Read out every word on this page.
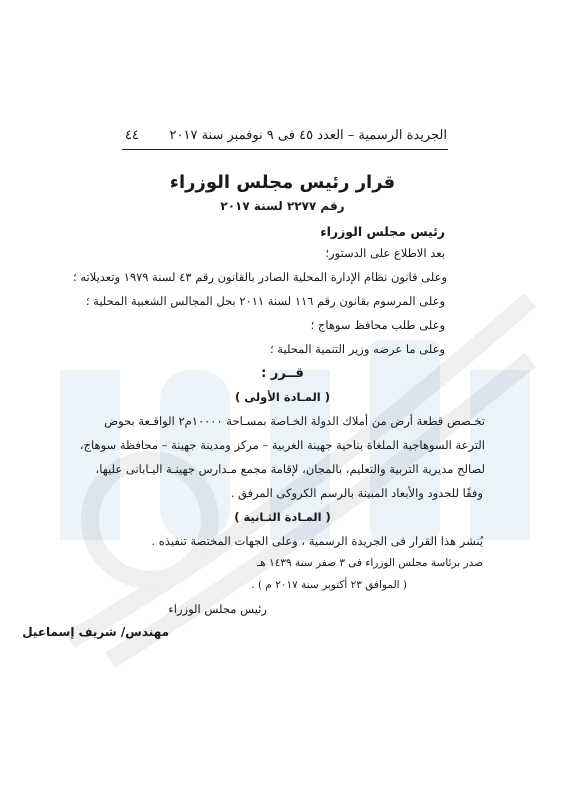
٤٤ الجريدة الرسمية – العدد ٤٥ فى ٩ نوفمبر سنة ٢٠١٧
قرار رئيس مجلس الوزراء
رقم ٢٢٧٧ لسنة ٢٠١٧
رئيس مجلس الوزراء
بعد الاطلاع على الدستور؛
وعلى قانون نظام الإدارة المحلية الصادر بالقانون رقم ٤٣ لسنة ١٩٧٩ وتعديلاته ؛
وعلى المرسوم بقانون رقم ١١٦ لسنة ٢٠١١ بحل المجالس الشعبية المحلية ؛
وعلى طلب محافظ سوهاج ؛
وعلى ما عرضه وزير التنمية المحلية ؛
قــرر :
( المـادة الأولى )
تخـصص قطعة أرض من أملاك الدولة الخـاصة بمسـاحة ١٠٠٠٠م٢ الواقـعة بحوض
الترعة السوهاجية الملغاة بناحية جهينة الغربية – مركز ومدينة جهينة – محافظة سوهاج،
لصالح مديرية التربية والتعليم، بالمجان، لإقامة مجمع مـدارس جهينـة اليـابانى عليها،
وفقًا للحدود والأبعاد المبينة بالرسم الكروكى المرفق .
( المـادة الثـانية )
يُنشر هذا القرار فى الجريدة الرسمية ، وعلى الجهات المختصة تنفيذه .
صدر برئاسة مجلس الوزراء فى ٣ صفر سنة ١٤٣٩ هـ
( الموافق ٢٣ أكتوبر سنة ٢٠١٧ م ) .
رئيس مجلس الوزراء
مهندس/ شريف إسماعيل
